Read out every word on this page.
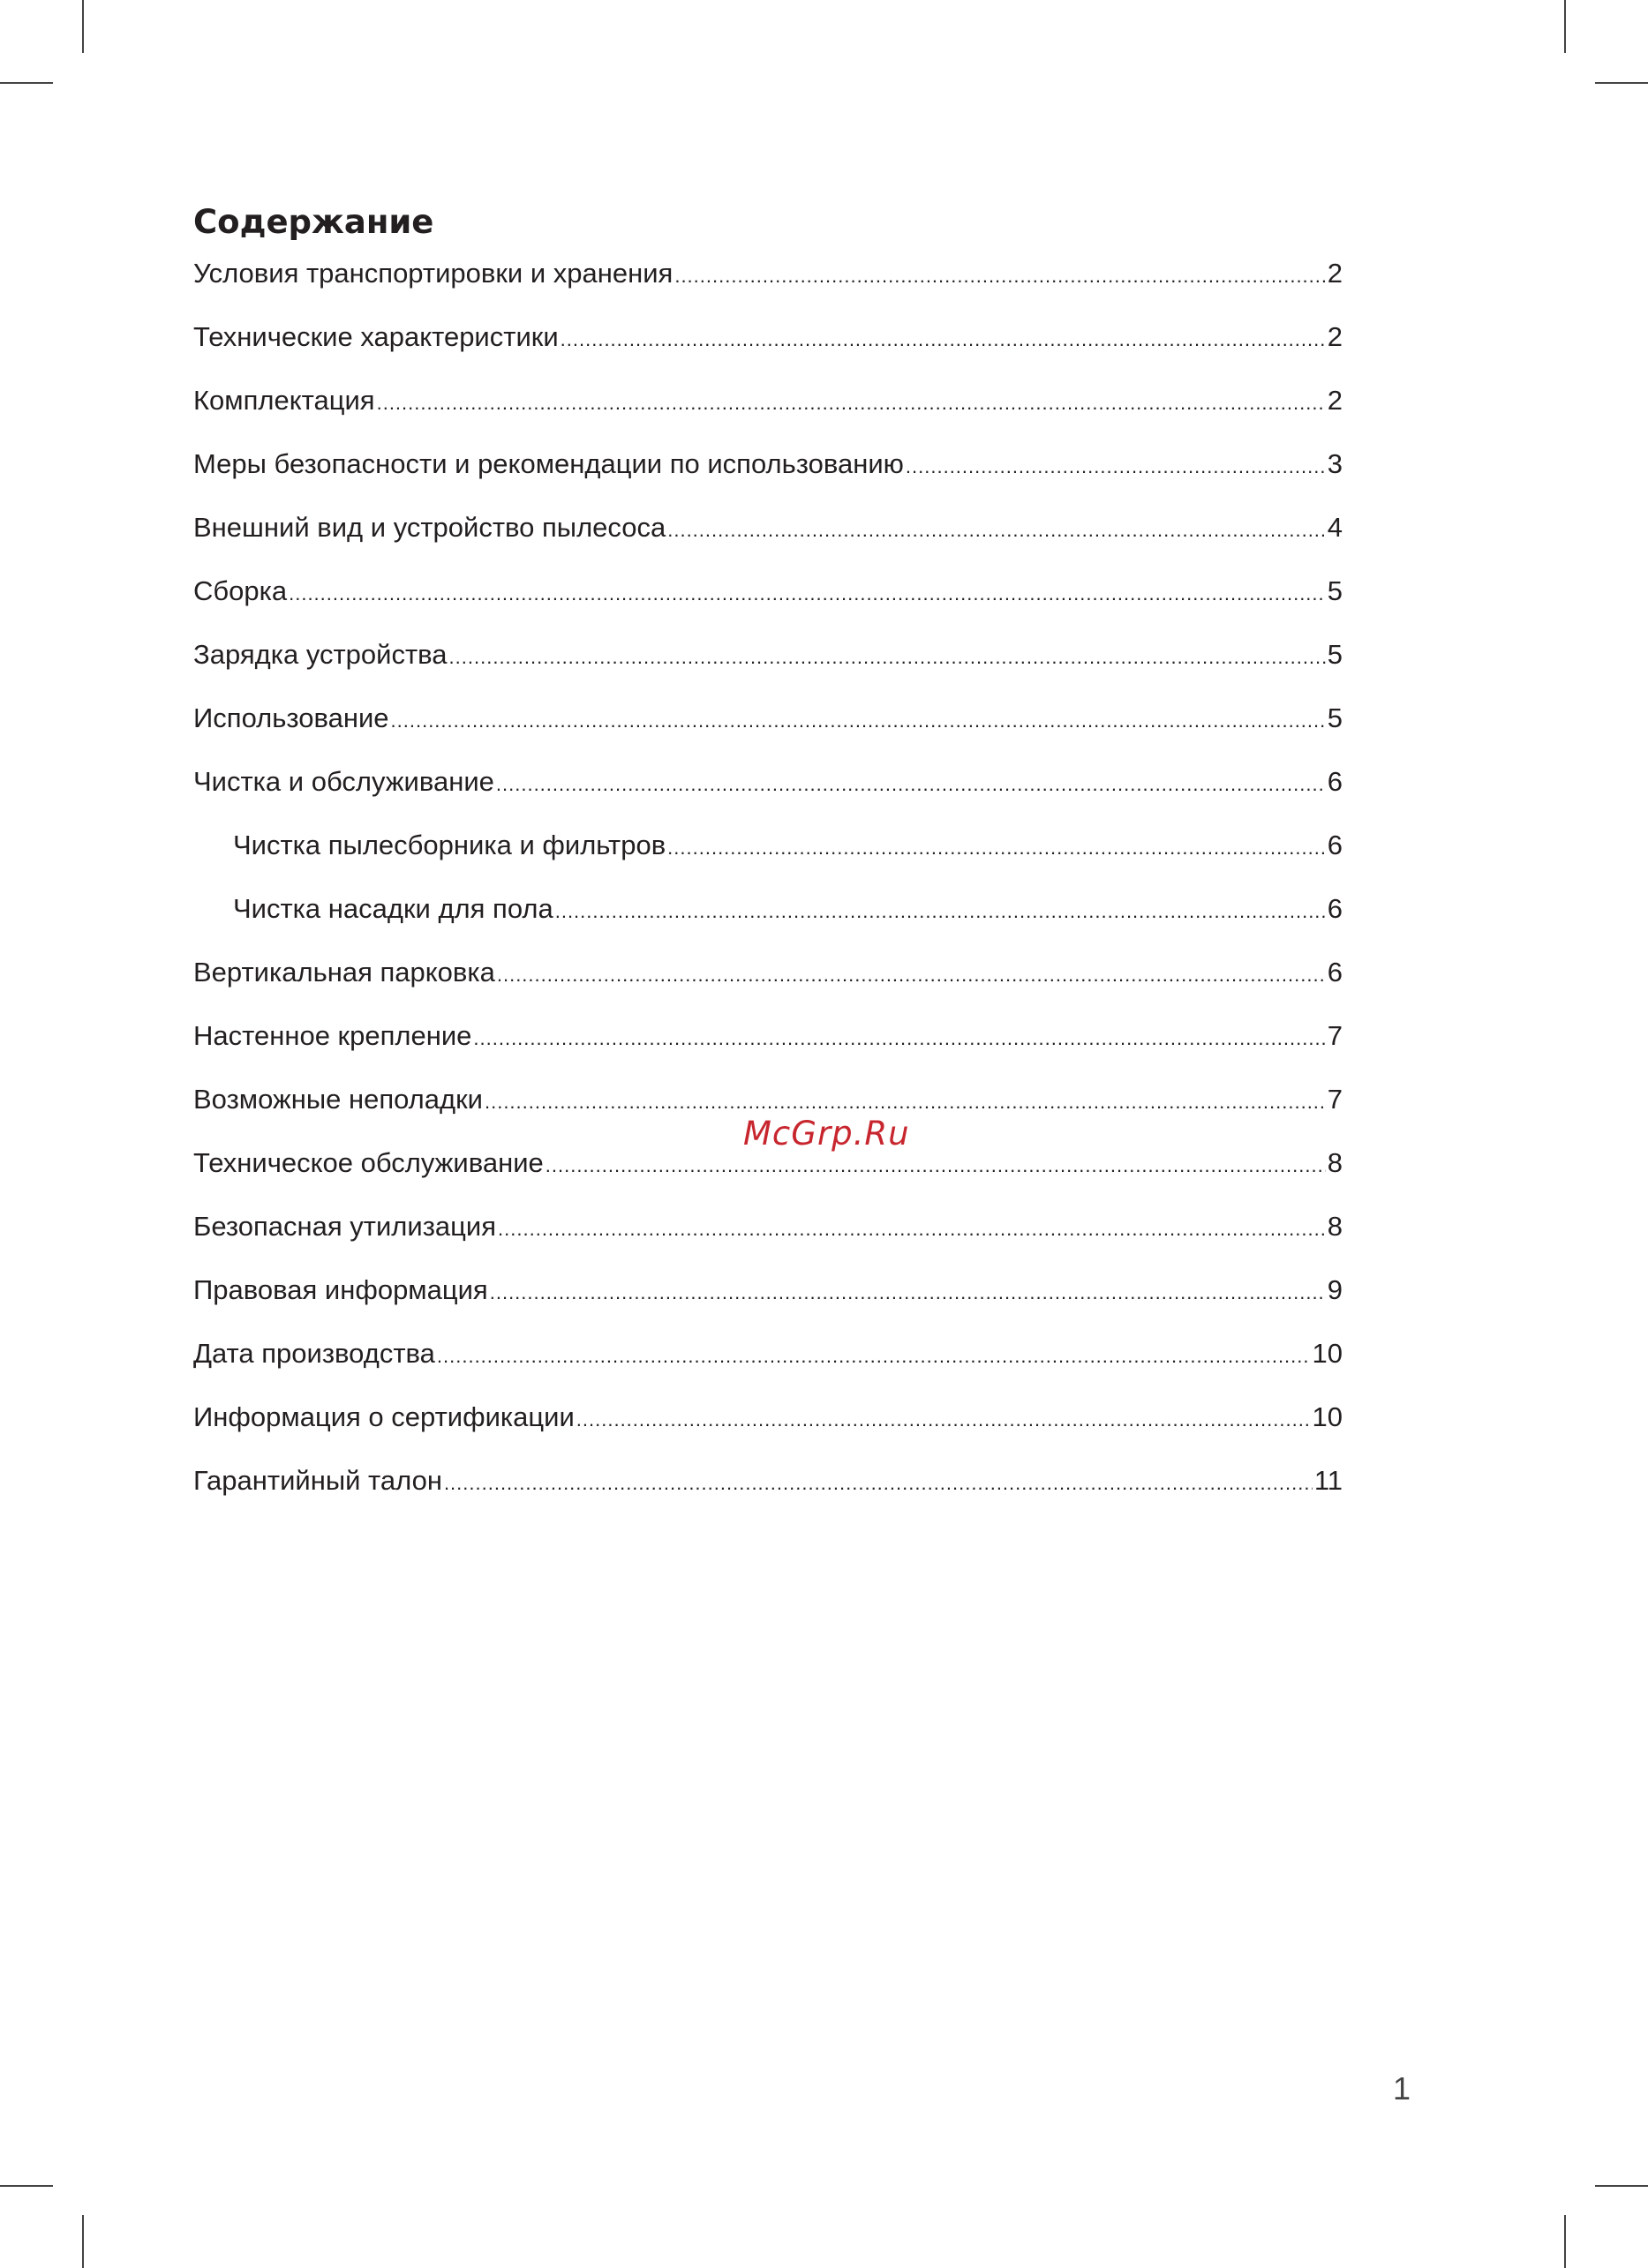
Содержание
Условия транспортировки и хранения .....	2
Технические характеристики .....	2
Комплектация .....	2
Меры безопасности и рекомендации по использованию .....	3
Внешний вид и устройство пылесоса .....	4
Сборка .....	5
Зарядка устройства .....	5
Использование .....	5
Чистка и обслуживание .....	6
Чистка пылесборника и фильтров .....	6
Чистка насадки для пола .....	6
Вертикальная парковка .....	6
Настенное крепление .....	7
Возможные неполадки .....	7
Техническое обслуживание .....	8
Безопасная утилизация .....	8
Правовая информация .....	9
Дата производства .....	10
Информация о сертификации .....	10
Гарантийный талон .....	11
McGrp.Ru
1
